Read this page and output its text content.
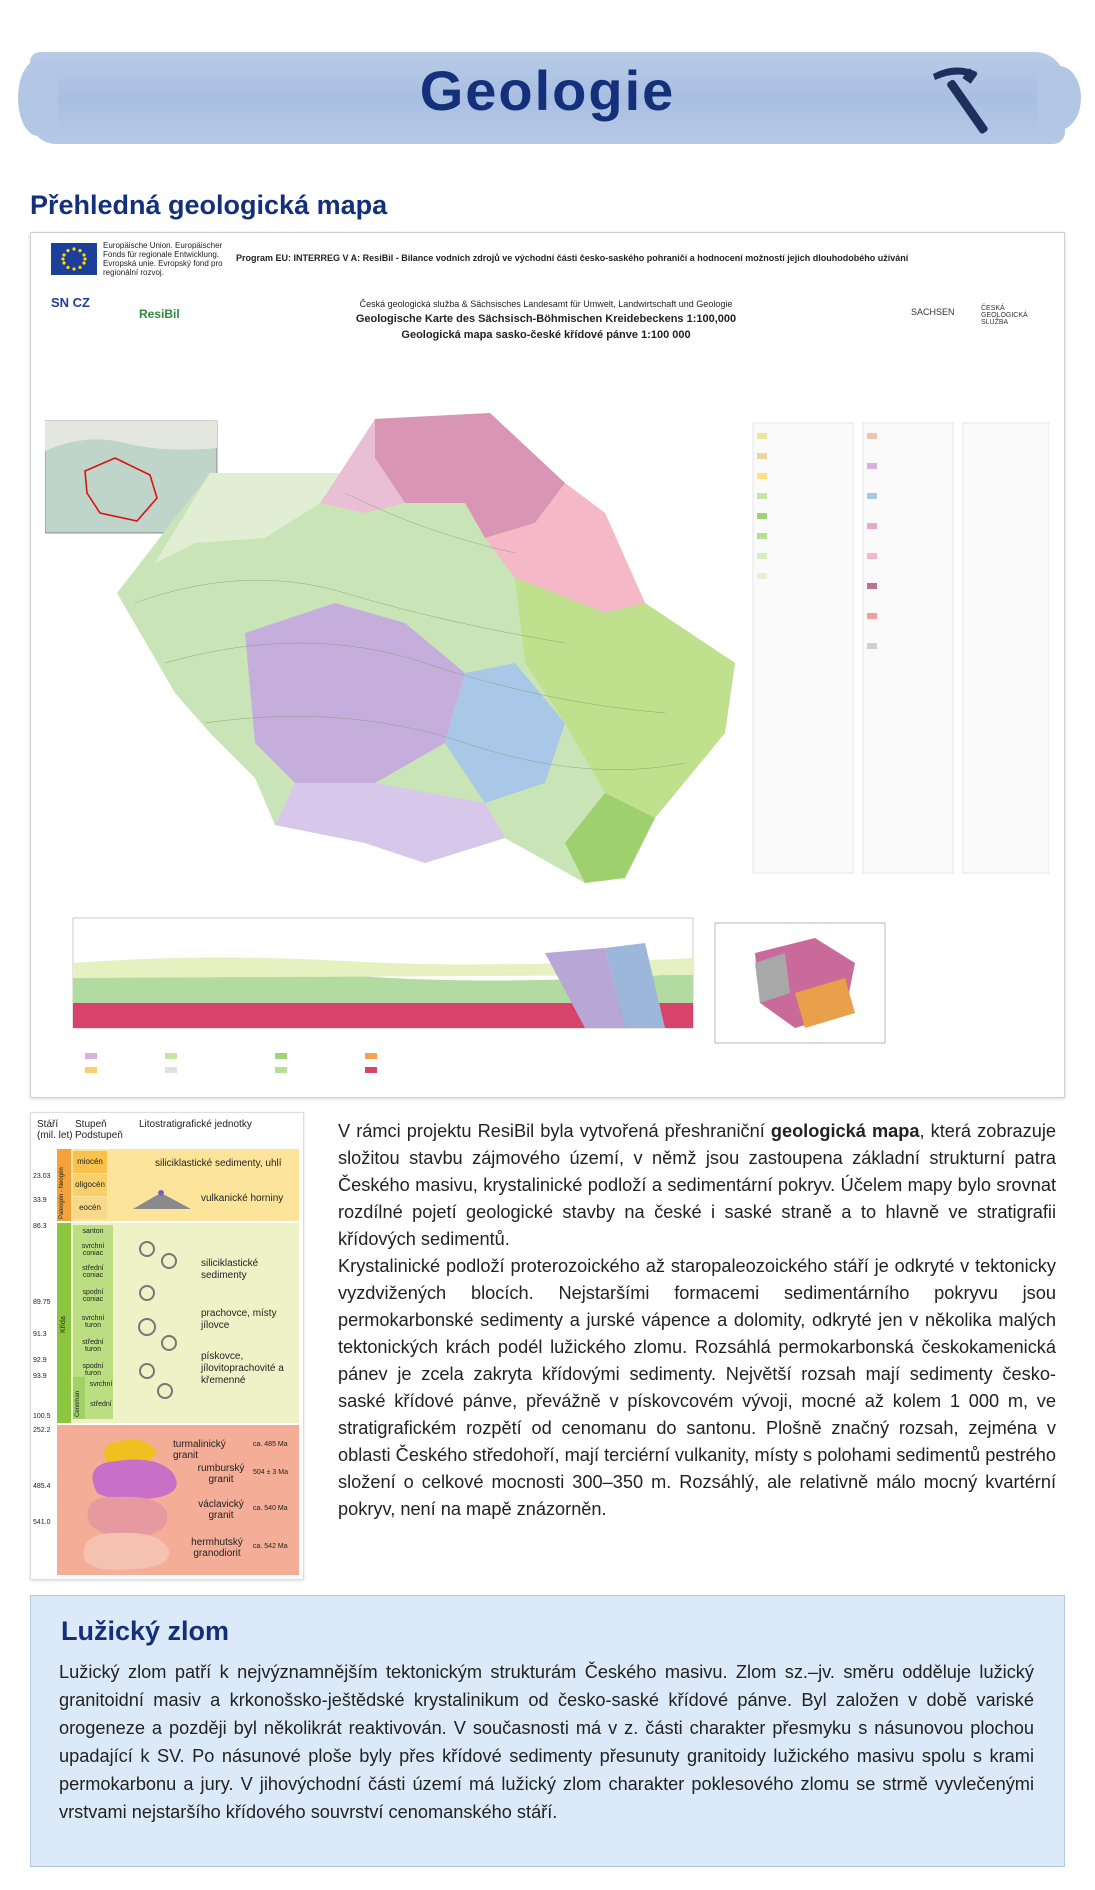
Geologie
Přehledná geologická mapa
Europäische Union. Europäischer Fonds für regionale Entwicklung. Evropská unie. Evropský fond pro regionální rozvoj.
Program EU: INTERREG V A: ResiBil - Bilance vodních zdrojů ve východní části česko-saského pohraničí a hodnocení možností jejich dlouhodobého užívání
SN CZ
ResiBil
Česká geologická služba & Sächsisches Landesamt für Umwelt, Landwirtschaft und Geologie
Geologische Karte des Sächsisch-Böhmischen Kreidebeckens 1:100,000
Geologická mapa sasko-české křídové pánve 1:100 000
SACHSEN	ČESKÁ GEOLOGICKÁ SLUŽBA
Stáří (mil. let)
Stupeň Podstupeň
Litostratigrafické jednotky
Paleogén - Neogén
miocén
oligocén
eocén
siliciklastické sedimenty, uhlí
vulkanické horniny
Křída
santon
svrchní coniac
střední coniac
spodní coniac
svrchní turon
střední turon
spodní turon
svrchní
střední
Cenoman
siliciklastické sedimenty
prachovce, místy jílovce
pískovce, jílovitoprachovité a křemenné
turmalinický granit
ca. 485 Ma
rumburský granit
504 ± 3 Ma
václavický granit
ca. 540 Ma
hermhutský granodiorit
ca. 542 Ma
23.03
33.9
86.3
89.75
91.3
92.9
93.9
100.5
252.2
485.4
541.0

V rámci projektu ResiBil byla vytvořená přeshraniční geologická mapa, která zobrazuje složitou stavbu zájmového území, v němž jsou zastoupena základní strukturní patra Českého masivu, krystalinické podloží a sedimentární pokryv. Účelem mapy bylo srovnat rozdílné pojetí geologické stavby na české i saské straně a to hlavně ve stratigrafii křídových sedimentů.

Krystalinické podloží proterozoického až staropaleozoického stáří je odkryté v tektonicky vyzdvižených blocích. Nejstaršími formacemi sedimentárního pokryvu jsou permokarbonské sedimenty a jurské vápence a dolomity, odkryté jen v několika malých tektonických krách podél lužického zlomu. Rozsáhlá permokarbonská českokamenická pánev je zcela zakryta křídovými sedimenty. Největší rozsah mají sedimenty česko-saské křídové pánve, převážně v pískovcovém vývoji, mocné až kolem 1 000 m, ve stratigrafickém rozpětí od cenomanu do santonu. Plošně značný rozsah, zejména v oblasti Českého středohoří, mají terciérní vulkanity, místy s polohami sedimentů pestrého složení o celkové mocnosti 300–350 m. Rozsáhlý, ale relativně málo mocný kvartérní pokryv, není na mapě znázorněn.

Lužický zlom

Lužický zlom patří k nejvýznamnějším tektonickým strukturám Českého masivu. Zlom sz.–jv. směru odděluje lužický granitoidní masiv a krkonošsko-ještědské krystalinikum od česko-saské křídové pánve. Byl založen v době variské orogeneze a později byl několikrát reaktivován. V současnosti má v z. části charakter přesmyku s násunovou plochou upadající k SV. Po násunové ploše byly přes křídové sedimenty přesunuty granitoidy lužického masivu spolu s krami permokarbonu a jury. V jihovýchodní části území má lužický zlom charakter poklesového zlomu se strmě vyvlečenými vrstvami nejstaršího křídového souvrství cenomanského stáří.
